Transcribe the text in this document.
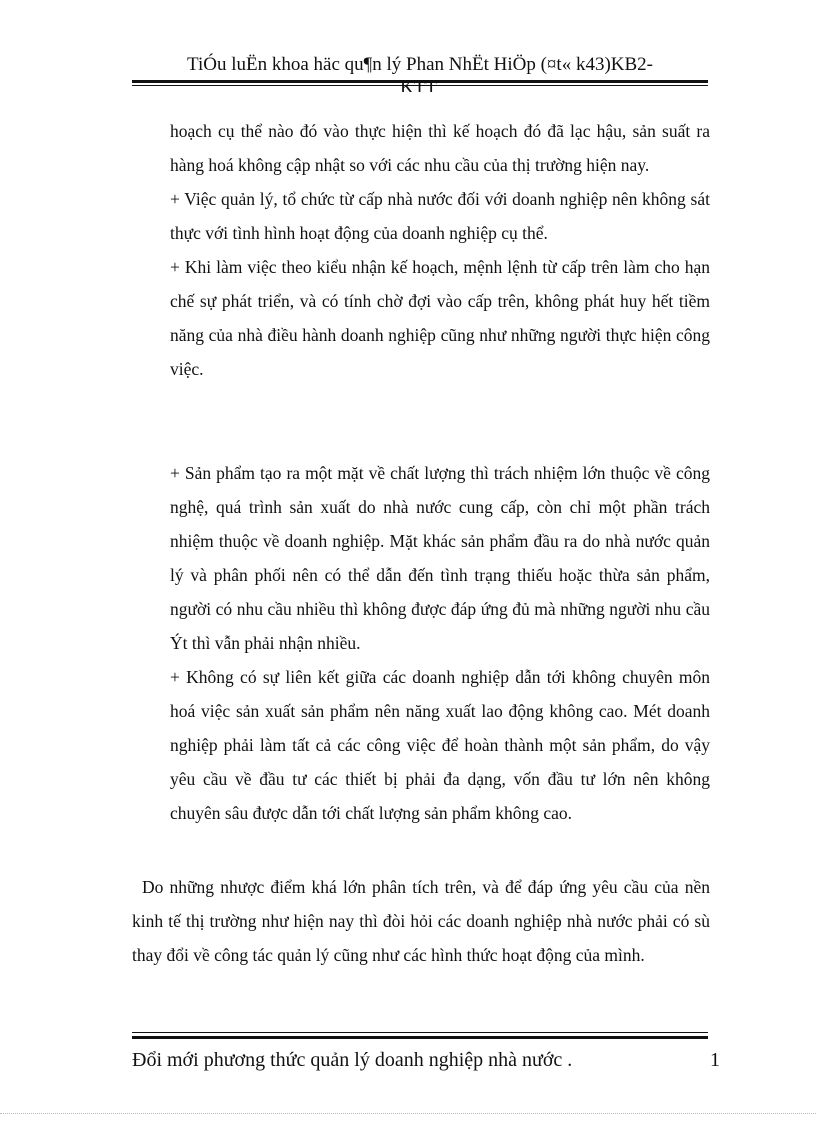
TiÓu luËn khoa häc qu¶n lý Phan NhËt HiÖp (¤t« k43)KB2-

hoạch cụ thể nào đó vào thực hiện thì kế hoạch đó đã lạc hậu, sản suất ra hàng hoá không cập nhật so với các nhu cầu của thị trường hiện nay.

+ Việc quản lý, tổ chức từ cấp nhà nước đối với doanh nghiệp nên không sát thực với tình hình hoạt động của doanh nghiệp cụ thể.

+ Khi làm việc theo kiểu nhận kế hoạch, mệnh lệnh từ cấp trên làm cho hạn chế sự phát triển, và có tính chờ đợi vào cấp trên, không phát huy hết tiềm năng của nhà điều hành doanh nghiệp cũng như những người thực hiện công việc.

+ Sản phẩm tạo ra một mặt về chất lượng thì trách nhiệm lớn thuộc về công nghệ, quá trình sản xuất do nhà nước cung cấp, còn chỉ một phần trách nhiệm thuộc về doanh nghiệp. Mặt khác sản phẩm đầu ra do nhà nước quản lý và phân phối nên có thể dẫn đến tình trạng thiếu hoặc thừa sản phẩm, người có nhu cầu nhiều thì không được đáp ứng đủ mà những người nhu cầu Ýt thì vẫn phải nhận nhiều.

+ Không có sự liên kết giữa các doanh nghiệp dẫn tới không chuyên môn hoá việc sản xuất sản phẩm nên năng xuất lao động không cao. Mét doanh nghiệp phải làm tất cả các công việc để hoàn thành một sản phẩm, do vậy yêu cầu về đầu tư các thiết bị phải đa dạng, vốn đầu tư lớn nên không chuyên sâu được dẫn tới chất lượng sản phẩm không cao.

Do những nhược điểm khá lớn phân tích trên, và để đáp ứng yêu cầu của nền kinh tế thị trường như hiện nay thì đòi hỏi các doanh nghiệp nhà nước phải có sù thay đổi về công tác quản lý cũng như các hình thức hoạt động của mình.

Đổi mới phương thức quản lý doanh nghiệp nhà nước .	1
